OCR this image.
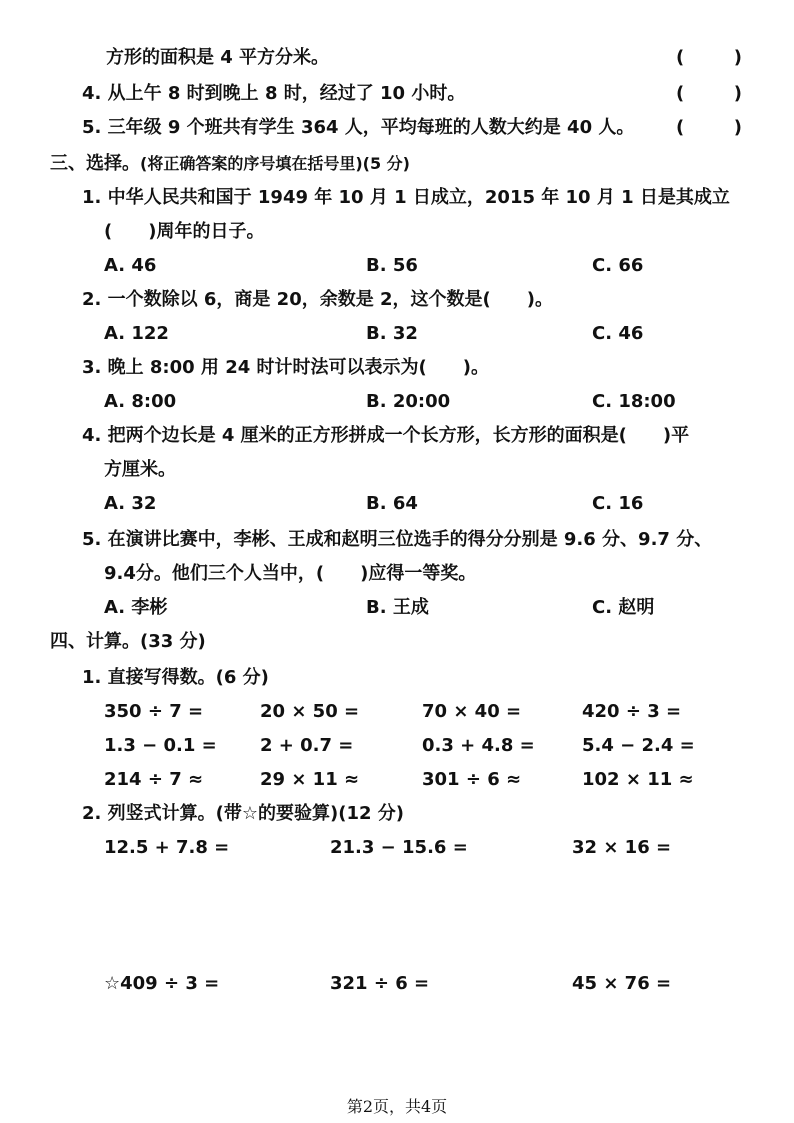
方形的面积是 4 平方分米。	(	)
4. 从上午 8 时到晚上 8 时，经过了 10 小时。	(	)
5. 三年级 9 个班共有学生 364 人，平均每班的人数大约是 40 人。 (	)
三、选择。(将正确答案的序号填在括号里)(5 分)
1. 中华人民共和国于 1949 年 10 月 1 日成立，2015 年 10 月 1 日是其成立
(　　)周年的日子。
A. 46	B. 56	C. 66
2. 一个数除以 6，商是 20，余数是 2，这个数是(　　)。
A. 122	B. 32	C. 46
3. 晚上 8:00 用 24 时计时法可以表示为(　　)。
A. 8:00	B. 20:00	C. 18:00
4. 把两个边长是 4 厘米的正方形拼成一个长方形，长方形的面积是(　　)平
方厘米。
A. 32	B. 64	C. 16
5. 在演讲比赛中，李彬、王成和赵明三位选手的得分分别是 9.6 分、9.7 分、
9.4分。他们三个人当中，(　　)应得一等奖。
A. 李彬	B. 王成	C. 赵明
四、计算。(33 分)
1. 直接写得数。(6 分)
350 ÷ 7 =	20 × 50 =	70 × 40 =	420 ÷ 3 =
1.3 − 0.1 = 2 + 0.7 =	0.3 + 4.8 =	5.4 − 2.4 =
214 ÷ 7 ≈	29 × 11 ≈	301 ÷ 6 ≈	102 × 11 ≈
2. 列竖式计算。(带☆的要验算)(12 分)
12.5 + 7.8 =	21.3 − 15.6 =	32 × 16 =
☆409 ÷ 3 =	321 ÷ 6 =	45 × 76 =
第2页，共4页
